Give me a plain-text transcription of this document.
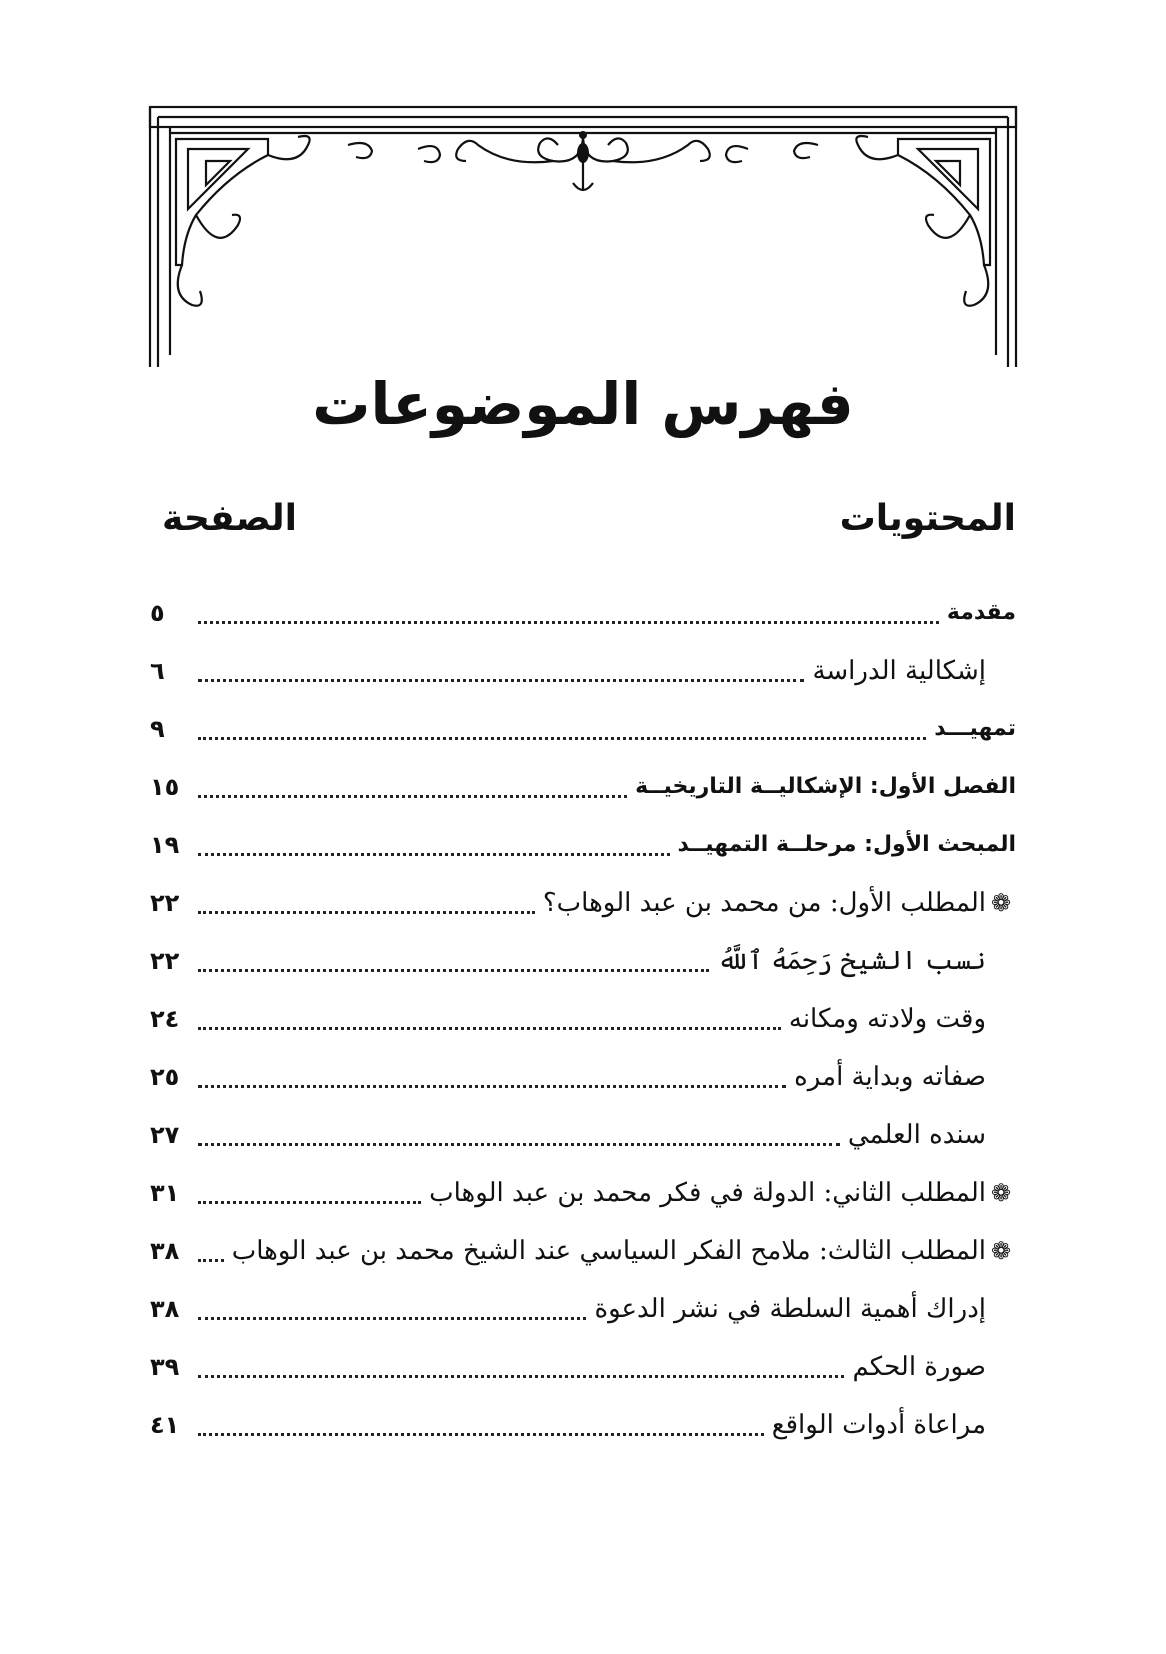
فهرس الموضوعات
المحتويات
الصفحة
مقدمة
٥
إشكالية الدراسة
٦
تمهيـــد
٩
الفصل الأول: الإشكاليــة التاريخيــة
١٥
المبحث الأول: مرحلــة التمهيــد
١٩
❁
المطلب الأول: من محمد بن عبد الوهاب؟
٢٢
نسب الشيخ رَحِمَهُ ٱللَّهُ
٢٢
وقت ولادته ومكانه
٢٤
صفاته وبداية أمره
٢٥
سنده العلمي
٢٧
❁
المطلب الثاني: الدولة في فكر محمد بن عبد الوهاب
٣١
❁
المطلب الثالث: ملامح الفكر السياسي عند الشيخ محمد بن عبد الوهاب
٣٨
إدراك أهمية السلطة في نشر الدعوة
٣٨
صورة الحكم
٣٩
مراعاة أدوات الواقع
٤١
